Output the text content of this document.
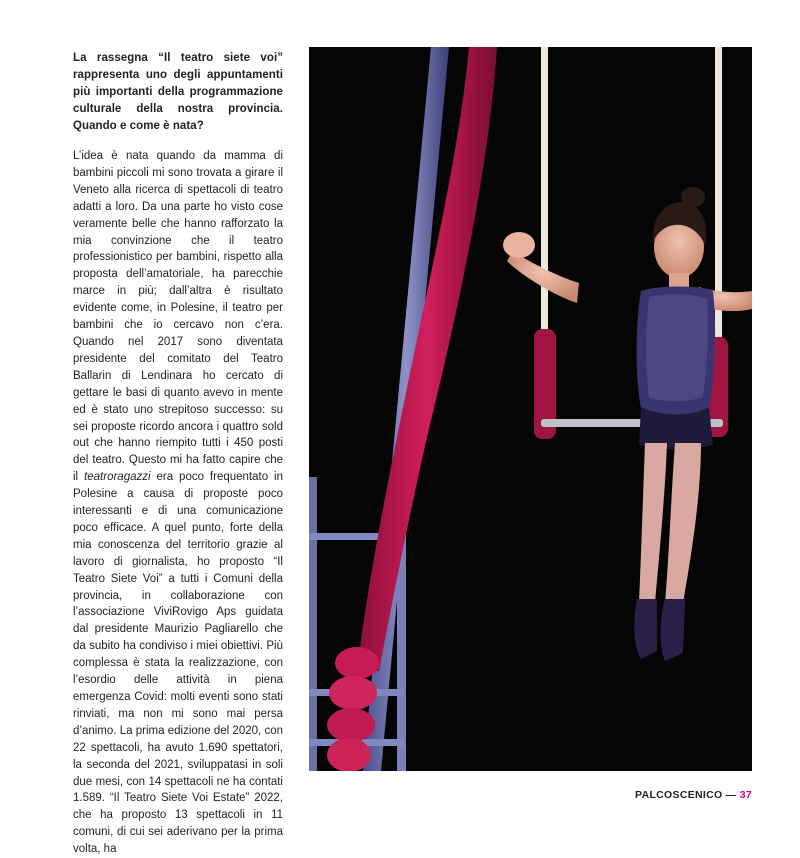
La rassegna “Il teatro siete voi” rappresenta uno degli appuntamenti più importanti della programmazione culturale della nostra provincia. Quando e come è nata?

L’idea è nata quando da mamma di bambini piccoli mi sono trovata a girare il Veneto alla ricerca di spettacoli di teatro adatti a loro. Da una parte ho visto cose veramente belle che hanno rafforzato la mia convinzione che il teatro professionistico per bambini, rispetto alla proposta dell’amatoriale, ha parecchie marce in più; dall’altra è risultato evidente come, in Polesine, il teatro per bambini che io cercavo non c’era. Quando nel 2017 sono diventata presidente del comitato del Teatro Ballarin di Lendinara ho cercato di gettare le basi di quanto avevo in mente ed è stato uno strepitoso successo: su sei proposte ricordo ancora i quattro sold out che hanno riempito tutti i 450 posti del teatro. Questo mi ha fatto capire che il teatroragazzi era poco frequentato in Polesine a causa di proposte poco interessanti e di una comunicazione poco efficace. A quel punto, forte della mia conoscenza del territorio grazie al lavoro di giornalista, ho proposto “Il Teatro Siete Voi” a tutti i Comuni della provincia, in collaborazione con l’associazione ViviRovigo Aps guidata dal presidente Maurizio Pagliarello che da subito ha condiviso i miei obiettivi. Più complessa è stata la realizzazione, con l’esordio delle attività in piena emergenza Covid: molti eventi sono stati rinviati, ma non mi sono mai persa d’animo. La prima edizione del 2020, con 22 spettacoli, ha avuto 1.690 spettatori, la seconda del 2021, sviluppatasi in soli due mesi, con 14 spettacoli ne ha contati 1.589. “Il Teatro Siete Voi Estate” 2022, che ha proposto 13 spettacoli in 11 comuni, di cui sei aderivano per la prima volta, ha

PALCOSCENICO — 37
